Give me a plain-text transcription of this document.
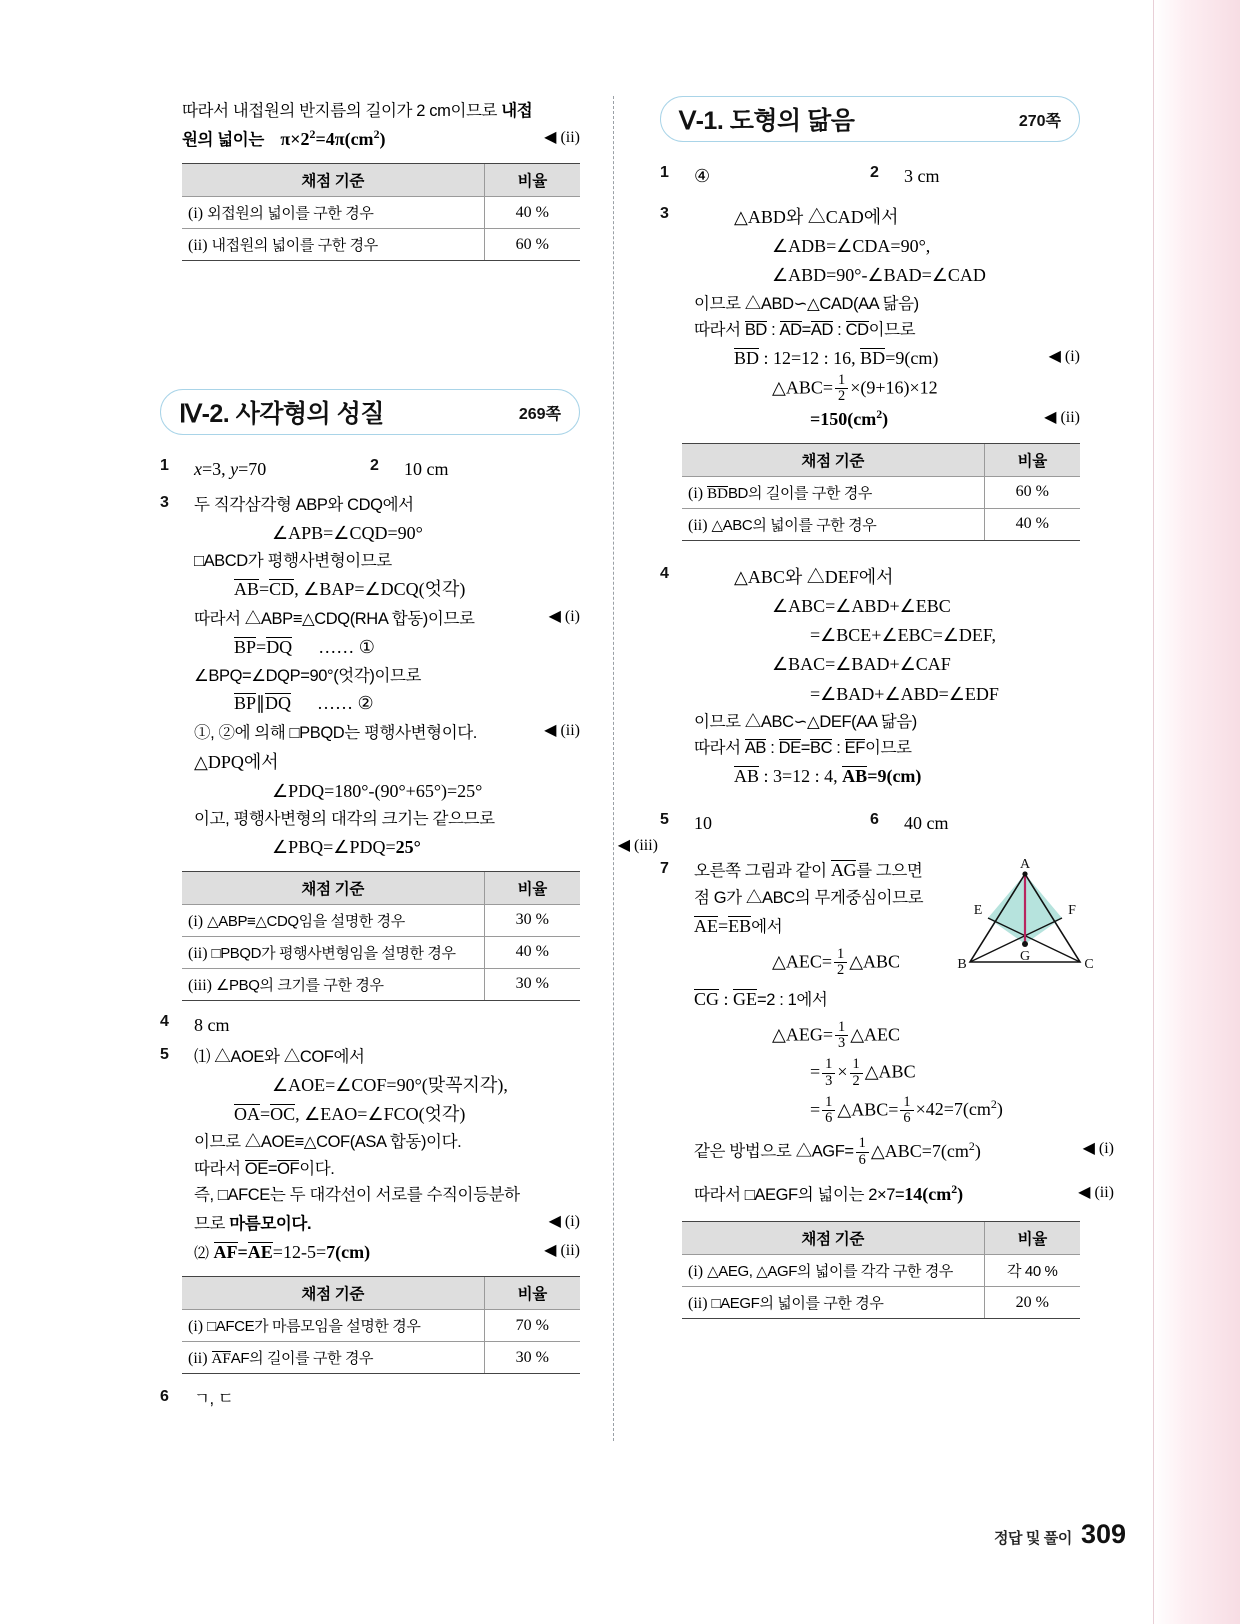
따라서 내접원의 반지름의 길이가 2 cm이므로 내접
원의 넓이는 $\pi\times 2^2=4\pi(cm^2)$	◀ (ii)
채점 기준	비율
(i) 외접원의 넓이를 구한 경우	40 %
(ii) 내접원의 넓이를 구한 경우	60 %
Ⅳ-2. 사각형의 성질	269쪽
1	x=3, y=70	2	10 cm
3	두 직각삼각형 ABP와 CDQ에서
∠APB=∠CQD=90°
□ABCD가 평행사변형이므로
AB=CD, ∠BAP=∠DCQ(엇각)
따라서 △ABP≡△CDQ(RHA 합동)이므로	◀ (i)
BP=DQ …… ①
∠BPQ=∠DQP=90°(엇각)이므로
BP∥DQ …… ②
①, ②에 의해 □PBQD는 평행사변형이다.	◀ (ii)
△DPQ에서
∠PDQ=180°-(90°+65°)=25°
이고, 평행사변형의 대각의 크기는 같으므로
∠PBQ=∠PDQ=25°	◀ (iii)
채점 기준	비율
(i) △ABP≡△CDQ임을 설명한 경우	30 %
(ii) □PBQD가 평행사변형임을 설명한 경우	40 %
(iii) ∠PBQ의 크기를 구한 경우	30 %
4	8 cm
5	⑴ △AOE와 △COF에서
∠AOE=∠COF=90°(맞꼭지각),
OA=OC, ∠EAO=∠FCO(엇각)
이므로 △AOE≡△COF(ASA 합동)이다.
따라서 OE=OF이다.
즉, □AFCE는 두 대각선이 서로를 수직이등분하
므로 마름모이다.	◀ (i)
⑵ AF=AE=12-5=7(cm)	◀ (ii)
채점 기준	비율
(i) □AFCE가 마름모임을 설명한 경우	70 %
(ii) AFAF의 길이를 구한 경우	30 %
6	ㄱ, ㄷ
Ⅴ-1. 도형의 닮음	270쪽
1	④	2	3 cm
3	△ABD와 △CAD에서
∠ADB=∠CDA=90°,
∠ABD=90°-∠BAD=∠CAD
이므로 △ABD∽△CAD(AA 닮음)
따라서 BD : AD=AD : CD이므로
BD : 12=12 : 16, BD=9(cm)	◀ (i)
△ABC= $\frac{1}{2} \times(9+16)\times 12$
$=150(cm^2)$	◀ (ii)
채점 기준	비율
(i) BDBD의 길이를 구한 경우	60 %
(ii) △ABC의 넓이를 구한 경우	40 %
4	△ABC와 △DEF에서
∠ABC=∠ABD+∠EBC
=∠BCE+∠EBC=∠DEF,
∠BAC=∠BAD+∠CAF
=∠BAD+∠ABD=∠EDF
이므로 △ABC∽△DEF(AA 닮음)
따라서 AB : DE=BC : EF이므로
AB : 3=12 : 4, AB=9(cm)
5	10	6	40 cm
7	A
B	C
E	F
G
오른쪽 그림과 같이 AG를 그으면
점 G가 △ABC의 무게중심이므로
AE=EB에서
△AEC= $\frac{1}{2}$ △ABC
CG : GE=2 : 1에서
△AEG= $\frac{1}{3}$ △AEC
= $\frac{1}{3} \times \frac{1}{2}$ △ABC
= $\frac{1}{6}$ △ABC= $\frac{1}{6} \times 42=7(cm^2)$
같은 방법으로 △AGF= $\frac{1}{6}$ $\triangle ABC=7(cm^2)$	◀ (i)
따라서 □AEGF의 넓이는 $2\times 7=14(cm^2)$	◀ (ii)
채점 기준	비율
(i) △AEG, △AGF의 넓이를 각각 구한 경우	각 40 %
(ii) □AEGF의 넓이를 구한 경우	20 %
정답 및 풀이 309
